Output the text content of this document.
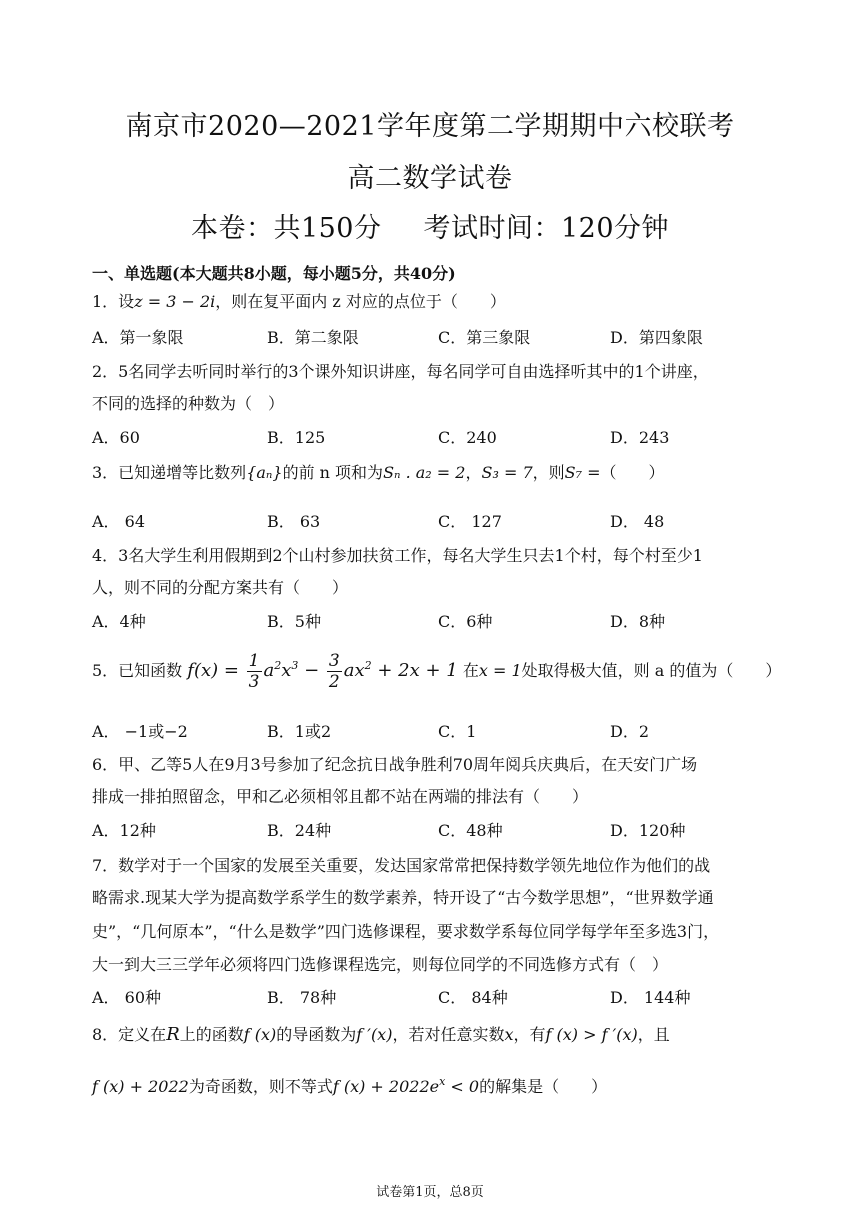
南京市2020—2021学年度第二学期期中六校联考
高二数学试卷
本卷：共150分 考试时间：120分钟
一、单选题(本大题共8小题，每小题5分，共40分)
1．设z = 3 − 2i，则在复平面内 z 对应的点位于（　　）
A．第一象限	B．第二象限	C．第三象限	D．第四象限
2．5名同学去听同时举行的3个课外知识讲座，每名同学可自由选择听其中的1个讲座，
不同的选择的种数为（　）
A．60	B．125	C．240	D．243
3．已知递增等比数列{aₙ}的前 n 项和为Sₙ . a₂ = 2，S₃ = 7，则S₇ =（　　）
A． 64	B． 63	C． 127	D． 48
4．3名大学生利用假期到2个山村参加扶贫工作，每名大学生只去1个村，每个村至少1
人，则不同的分配方案共有（　　）
A．4种	B．5种	C．6种	D．8种
5．已知函数 $f(x) = \frac{1}{3} a^2x^3 - \frac{3}{2} ax^2 + 2x + 1$ 在x = 1处取得极大值，则 a 的值为（　　）
A． −1或−2	B．1或2	C．1	D．2
6．甲、乙等5人在9月3号参加了纪念抗日战争胜利70周年阅兵庆典后，在天安门广场
排成一排拍照留念，甲和乙必须相邻且都不站在两端的排法有（　　）
A．12种	B．24种	C．48种	D．120种
7．数学对于一个国家的发展至关重要，发达国家常常把保持数学领先地位作为他们的战
略需求.现某大学为提高数学系学生的数学素养，特开设了“古今数学思想”，“世界数学通
史”，“几何原本”，“什么是数学”四门选修课程，要求数学系每位同学每学年至多选3门，
大一到大三三学年必须将四门选修课程选完，则每位同学的不同选修方式有（　）
A． 60种	B． 78种	C． 84种	D． 144种
8．定义在R上的函数f (x)的导函数为f ′(x)，若对任意实数x，有f (x) > f ′(x)，且
f (x) + 2022为奇函数，则不等式f $(x) + 2022e^x < 0$的解集是（　　）
试卷第1页，总8页
